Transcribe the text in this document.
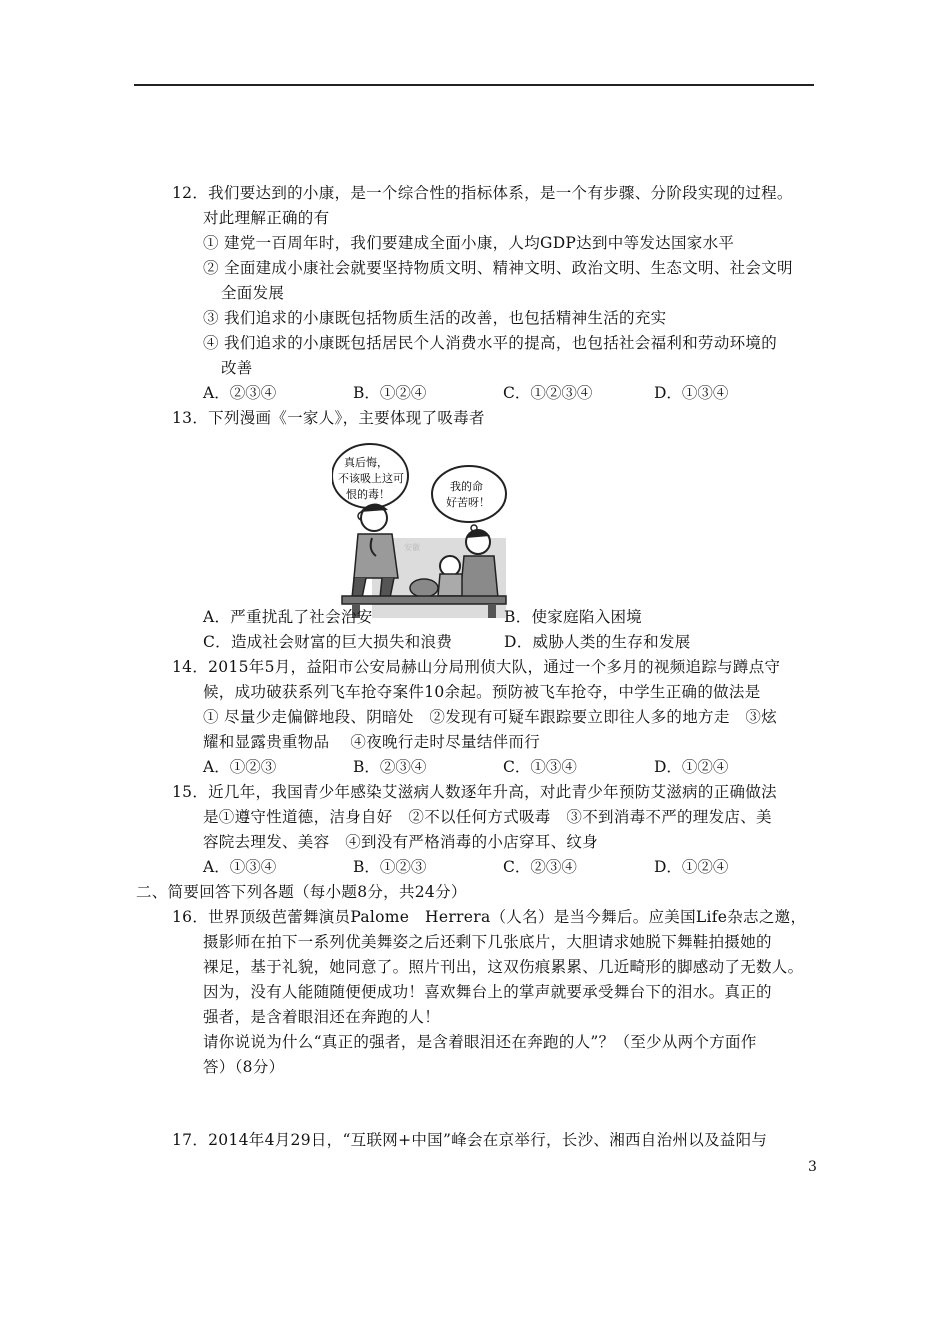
12．我们要达到的小康，是一个综合性的指标体系，是一个有步骤、分阶段实现的过程。
对此理解正确的有
① 建党一百周年时，我们要建成全面小康，人均GDP达到中等发达国家水平
② 全面建成小康社会就要坚持物质文明、精神文明、政治文明、生态文明、社会文明
全面发展
③ 我们追求的小康既包括物质生活的改善，也包括精神生活的充实
④ 我们追求的小康既包括居民个人消费水平的提高，也包括社会福利和劳动环境的
改善
A．②③④	B．①②④	C．①②③④	D．①③④
13．下列漫画《一家人》，主要体现了吸毒者
真后悔，
不该吸上这可
恨的毒！
我的命
好苦呀！
安徽
A．严重扰乱了社会治安	B．使家庭陷入困境
C．造成社会财富的巨大损失和浪费	D．威胁人类的生存和发展
14．2015年5月，益阳市公安局赫山分局刑侦大队，通过一个多月的视频追踪与蹲点守
候，成功破获系列飞车抢夺案件10余起。预防被飞车抢夺，中学生正确的做法是
① 尽量少走偏僻地段、阴暗处　②发现有可疑车跟踪要立即往人多的地方走　③炫
耀和显露贵重物品　 ④夜晚行走时尽量结伴而行
A．①②③	B．②③④	C．①③④	D．①②④
15．近几年，我国青少年感染艾滋病人数逐年升高，对此青少年预防艾滋病的正确做法
是①遵守性道德，洁身自好　②不以任何方式吸毒　③不到消毒不严的理发店、美
容院去理发、美容　④到没有严格消毒的小店穿耳、纹身
A．①③④	B．①②③	C．②③④	D．①②④
二、简要回答下列各题（每小题8分，共24分）
16．世界顶级芭蕾舞演员Palome　Herrera（人名）是当今舞后。应美国Life杂志之邀，
摄影师在拍下一系列优美舞姿之后还剩下几张底片，大胆请求她脱下舞鞋拍摄她的
裸足，基于礼貌，她同意了。照片刊出，这双伤痕累累、几近畸形的脚感动了无数人。
因为，没有人能随随便便成功！喜欢舞台上的掌声就要承受舞台下的泪水。真正的
强者，是含着眼泪还在奔跑的人！
请你说说为什么“真正的强者，是含着眼泪还在奔跑的人”？（至少从两个方面作
答）（8分）
17．2014年4月29日，“互联网+中国”峰会在京举行，长沙、湘西自治州以及益阳与
3
